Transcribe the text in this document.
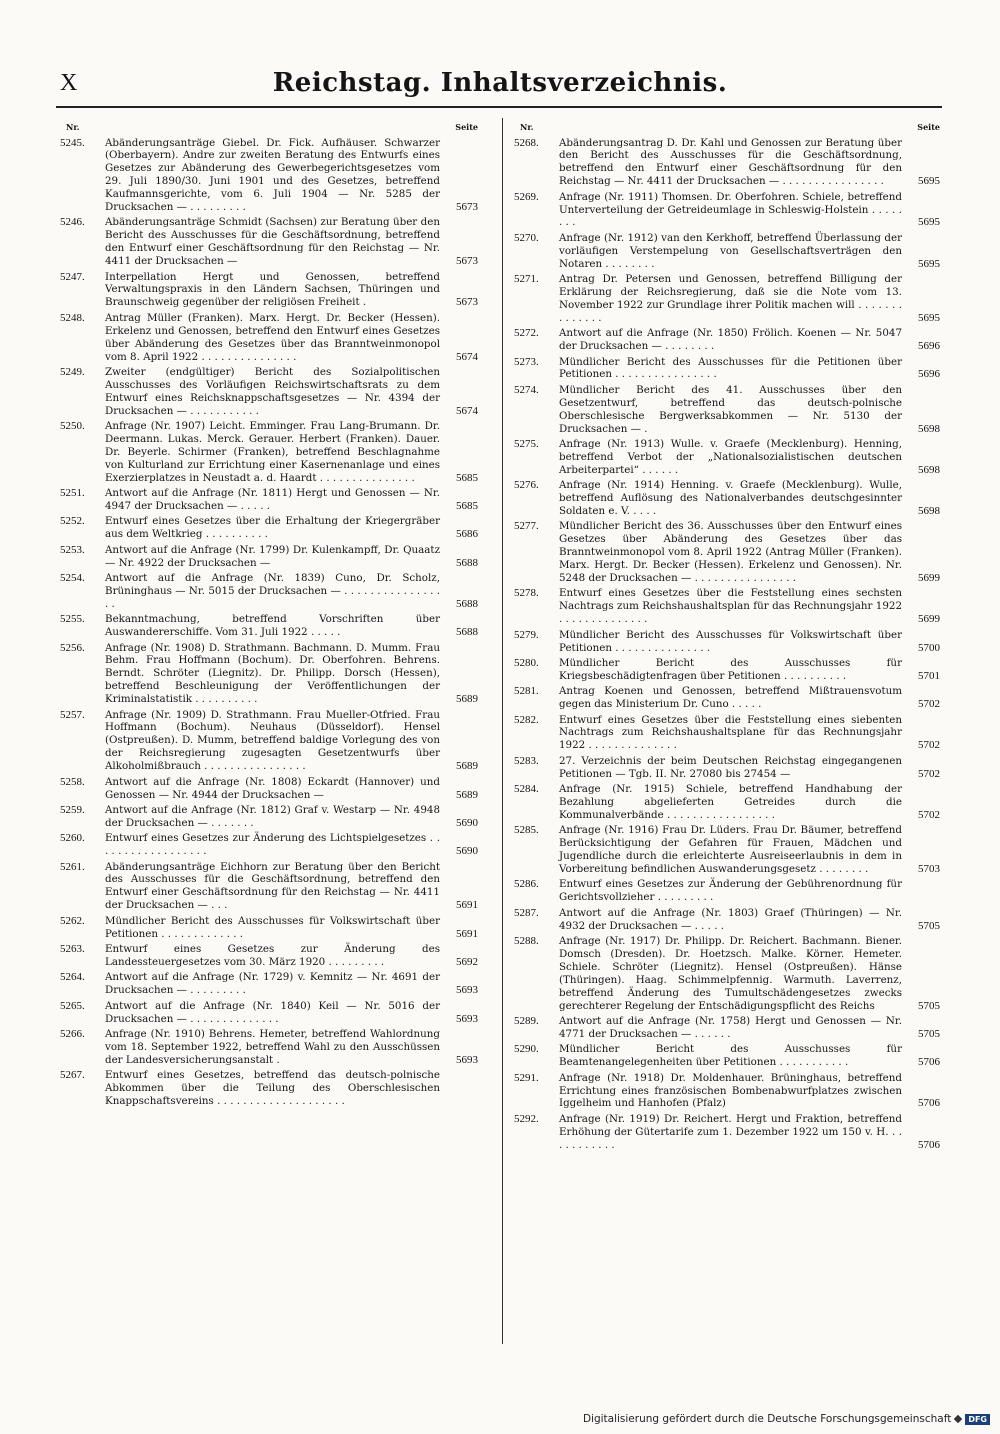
X	Reichstag. Inhaltsverzeichnis.
Nr.	Seite
5245.	Abänderungsanträge Giebel. Dr. Fick. Aufhäuser. Schwarzer (Oberbayern). Andre zur zweiten Beratung des Entwurfs eines Gesetzes zur Abänderung des Gewerbegerichtsgesetzes vom 29. Juli 1890/30. Juni 1901 und des Gesetzes, betreffend Kaufmannsgerichte, vom 6. Juli 1904 — Nr. 5285 der Drucksachen — . . . . . . . . .	5673
5246.	Abänderungsanträge Schmidt (Sachsen) zur Beratung über den Bericht des Ausschusses für die Geschäftsordnung, betreffend den Entwurf einer Geschäftsordnung für den Reichstag — Nr. 4411 der Drucksachen —	5673
5247.	Interpellation Hergt und Genossen, betreffend Verwaltungspraxis in den Ländern Sachsen, Thüringen und Braunschweig gegenüber der religiösen Freiheit .	5673
5248.	Antrag Müller (Franken). Marx. Hergt. Dr. Becker (Hessen). Erkelenz und Genossen, betreffend den Entwurf eines Gesetzes über Abänderung des Gesetzes über das Branntweinmonopol vom 8. April 1922 . . . . . . . . . . . . . . .	5674
5249.	Zweiter (endgültiger) Bericht des Sozialpolitischen Ausschusses des Vorläufigen Reichswirtschaftsrats zu dem Entwurf eines Reichsknappschaftsgesetzes — Nr. 4394 der Drucksachen — . . . . . . . . . . .	5674
5250.	Anfrage (Nr. 1907) Leicht. Emminger. Frau Lang-Brumann. Dr. Deermann. Lukas. Merck. Gerauer. Herbert (Franken). Dauer. Dr. Beyerle. Schirmer (Franken), betreffend Beschlagnahme von Kulturland zur Errichtung einer Kasernenanlage und eines Exerzierplatzes in Neustadt a. d. Haardt . . . . . . . . . . . . . . .	5685
5251.	Antwort auf die Anfrage (Nr. 1811) Hergt und Genossen — Nr. 4947 der Drucksachen — . . . . .	5685
5252.	Entwurf eines Gesetzes über die Erhaltung der Kriegergräber aus dem Weltkrieg . . . . . . . . . .	5686
5253.	Antwort auf die Anfrage (Nr. 1799) Dr. Kulenkampff, Dr. Quaatz — Nr. 4922 der Drucksachen —	5688
5254.	Antwort auf die Anfrage (Nr. 1839) Cuno, Dr. Scholz, Brüninghaus — Nr. 5015 der Drucksachen — . . . . . . . . . . . . . . . . .	5688
5255.	Bekanntmachung, betreffend Vorschriften über Auswandererschiffe. Vom 31. Juli 1922 . . . . .	5688
5256.	Anfrage (Nr. 1908) D. Strathmann. Bachmann. D. Mumm. Frau Behm. Frau Hoffmann (Bochum). Dr. Oberfohren. Behrens. Berndt. Schröter (Liegnitz). Dr. Philipp. Dorsch (Hessen), betreffend Beschleunigung der Veröffentlichungen der Kriminalstatistik . . . . . . . . . .	5689
5257.	Anfrage (Nr. 1909) D. Strathmann. Frau Mueller-Otfried. Frau Hoffmann (Bochum). Neuhaus (Düsseldorf). Hensel (Ostpreußen). D. Mumm, betreffend baldige Vorlegung des von der Reichsregierung zugesagten Gesetzentwurfs über Alkoholmißbrauch . . . . . . . . . . . . . . . .	5689
5258.	Antwort auf die Anfrage (Nr. 1808) Eckardt (Hannover) und Genossen — Nr. 4944 der Drucksachen —	5689
5259.	Antwort auf die Anfrage (Nr. 1812) Graf v. Westarp — Nr. 4948 der Drucksachen — . . . . . . .	5690
5260.	Entwurf eines Gesetzes zur Änderung des Lichtspielgesetzes . . . . . . . . . . . . . . . . . .	5690
5261.	Abänderungsanträge Eichhorn zur Beratung über den Bericht des Ausschusses für die Geschäftsordnung, betreffend den Entwurf einer Geschäftsordnung für den Reichstag — Nr. 4411 der Drucksachen — . . .	5691
5262.	Mündlicher Bericht des Ausschusses für Volkswirtschaft über Petitionen . . . . . . . . . . . . .	5691
5263.	Entwurf eines Gesetzes zur Änderung des Landessteuergesetzes vom 30. März 1920 . . . . . . . . .	5692
5264.	Antwort auf die Anfrage (Nr. 1729) v. Kemnitz — Nr. 4691 der Drucksachen — . . . . . . . . .	5693
5265.	Antwort auf die Anfrage (Nr. 1840) Keil — Nr. 5016 der Drucksachen — . . . . . . . . . . . . . .	5693
5266.	Anfrage (Nr. 1910) Behrens. Hemeter, betreffend Wahlordnung vom 18. September 1922, betreffend Wahl zu den Ausschüssen der Landesversicherungsanstalt .	5693
5267.	Entwurf eines Gesetzes, betreffend das deutsch-polnische Abkommen über die Teilung des Oberschlesischen Knappschaftsvereins . . . . . . . . . . . . . . . . . . . .
Nr.	Seite
5268.	Abänderungsantrag D. Dr. Kahl und Genossen zur Beratung über den Bericht des Ausschusses für die Geschäftsordnung, betreffend den Entwurf einer Geschäftsordnung für den Reichstag — Nr. 4411 der Drucksachen — . . . . . . . . . . . . . . . .	5695
5269.	Anfrage (Nr. 1911) Thomsen. Dr. Oberfohren. Schiele, betreffend Unterverteilung der Getreideumlage in Schleswig-Holstein . . . . . . . .	5695
5270.	Anfrage (Nr. 1912) van den Kerkhoff, betreffend Überlassung der vorläufigen Verstempelung von Gesellschaftsverträgen den Notaren . . . . . . . .	5695
5271.	Antrag Dr. Petersen und Genossen, betreffend Billigung der Erklärung der Reichsregierung, daß sie die Note vom 13. November 1922 zur Grundlage ihrer Politik machen will . . . . . . . . . . . . . .	5695
5272.	Antwort auf die Anfrage (Nr. 1850) Frölich. Koenen — Nr. 5047 der Drucksachen — . . . . . . . .	5696
5273.	Mündlicher Bericht des Ausschusses für die Petitionen über Petitionen . . . . . . . . . . . . . . . .	5696
5274.	Mündlicher Bericht des 41. Ausschusses über den Gesetzentwurf, betreffend das deutsch-polnische Oberschlesische Bergwerksabkommen — Nr. 5130 der Drucksachen — .	5698
5275.	Anfrage (Nr. 1913) Wulle. v. Graefe (Mecklenburg). Henning, betreffend Verbot der „Nationalsozialistischen deutschen Arbeiterpartei“ . . . . . .	5698
5276.	Anfrage (Nr. 1914) Henning. v. Graefe (Mecklenburg). Wulle, betreffend Auflösung des Nationalverbandes deutschgesinnter Soldaten e. V. . . . .	5698
5277.	Mündlicher Bericht des 36. Ausschusses über den Entwurf eines Gesetzes über Abänderung des Gesetzes über das Branntweinmonopol vom 8. April 1922 (Antrag Müller (Franken). Marx. Hergt. Dr. Becker (Hessen). Erkelenz und Genossen). Nr. 5248 der Drucksachen — . . . . . . . . . . . . . . . .	5699
5278.	Entwurf eines Gesetzes über die Feststellung eines sechsten Nachtrags zum Reichshaushaltsplan für das Rechnungsjahr 1922 . . . . . . . . . . . . . .	5699
5279.	Mündlicher Bericht des Ausschusses für Volkswirtschaft über Petitionen . . . . . . . . . . . . . . .	5700
5280.	Mündlicher Bericht des Ausschusses für Kriegsbeschädigtenfragen über Petitionen . . . . . . . . . .	5701
5281.	Antrag Koenen und Genossen, betreffend Mißtrauensvotum gegen das Ministerium Dr. Cuno . . . . .	5702
5282.	Entwurf eines Gesetzes über die Feststellung eines siebenten Nachtrags zum Reichshaushaltsplane für das Rechnungsjahr 1922 . . . . . . . . . . . . . .	5702
5283.	27. Verzeichnis der beim Deutschen Reichstag eingegangenen Petitionen — Tgb. II. Nr. 27080 bis 27454 —	5702
5284.	Anfrage (Nr. 1915) Schiele, betreffend Handhabung der Bezahlung abgelieferten Getreides durch die Kommunalverbände . . . . . . . . . . . . . . . . .	5702
5285.	Anfrage (Nr. 1916) Frau Dr. Lüders. Frau Dr. Bäumer, betreffend Berücksichtigung der Gefahren für Frauen, Mädchen und Jugendliche durch die erleichterte Ausreiseerlaubnis in dem in Vorbereitung befindlichen Auswanderungsgesetz . . . . . . . .	5703
5286.	Entwurf eines Gesetzes zur Änderung der Gebührenordnung für Gerichtsvollzieher . . . . . . . . .
5287.	Antwort auf die Anfrage (Nr. 1803) Graef (Thüringen) — Nr. 4932 der Drucksachen — . . . . .	5705
5288.	Anfrage (Nr. 1917) Dr. Philipp. Dr. Reichert. Bachmann. Biener. Domsch (Dresden). Dr. Hoetzsch. Malke. Körner. Hemeter. Schiele. Schröter (Liegnitz). Hensel (Ostpreußen). Hänse (Thüringen). Haag. Schimmelpfennig. Warmuth. Laverrenz, betreffend Änderung des Tumultschädengesetzes zwecks gerechterer Regelung der Entschädigungspflicht des Reichs	5705
5289.	Antwort auf die Anfrage (Nr. 1758) Hergt und Genossen — Nr. 4771 der Drucksachen — . . . . . .	5705
5290.	Mündlicher Bericht des Ausschusses für Beamtenangelegenheiten über Petitionen . . . . . . . . . . .	5706
5291.	Anfrage (Nr. 1918) Dr. Moldenhauer. Brüninghaus, betreffend Errichtung eines französischen Bombenabwurfplatzes zwischen Iggelheim und Hanhofen (Pfalz)	5706
5292.	Anfrage (Nr. 1919) Dr. Reichert. Hergt und Fraktion, betreffend Erhöhung der Gütertarife zum 1. Dezember 1922 um 150 v. H. . . . . . . . . . . .	5706
Digitalisierung gefördert durch die Deutsche Forschungsgemeinschaft	DFG
